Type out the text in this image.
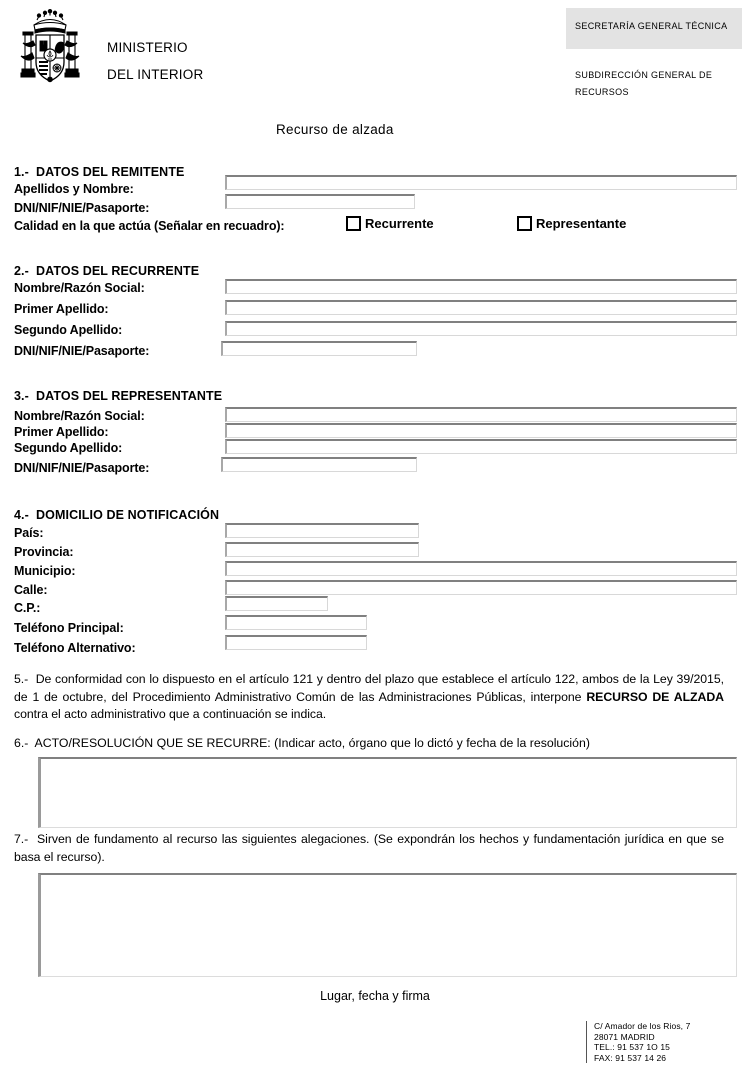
MINISTERIO
DEL INTERIOR
SECRETARÍA GENERAL TÉCNICA
SUBDIRECCIÓN GENERAL DE
RECURSOS
Recurso de alzada
1.- DATOS DEL REMITENTE
Apellidos y Nombre:
DNI/NIF/NIE/Pasaporte:
Calidad en la que actúa (Señalar en recuadro):	Recurrente	Representante
2.- DATOS DEL RECURRENTE
Nombre/Razón Social:
Primer Apellido:
Segundo Apellido:
DNI/NIF/NIE/Pasaporte:
3.- DATOS DEL REPRESENTANTE
Nombre/Razón Social:
Primer Apellido:
Segundo Apellido:
DNI/NIF/NIE/Pasaporte:
4.- DOMICILIO DE NOTIFICACIÓN
País:
Provincia:
Municipio:
Calle:
C.P.:
Teléfono Principal:
Teléfono Alternativo:
5.- De conformidad con lo dispuesto en el artículo 121 y dentro del plazo que establece el artículo 122, ambos de la Ley 39/2015, de 1 de octubre, del Procedimiento Administrativo Común de las Administraciones Públicas, interpone RECURSO DE ALZADA contra el acto administrativo que a continuación se indica.
6.- ACTO/RESOLUCIÓN QUE SE RECURRE: (Indicar acto, órgano que lo dictó y fecha de la resolución)
7.- Sirven de fundamento al recurso las siguientes alegaciones. (Se expondrán los hechos y fundamentación jurídica en que se basa el recurso).
Lugar, fecha y firma
C/ Amador de los Rios, 7
28071 MADRID
TEL.: 91 537 1O 15
FAX: 91 537 14 26
